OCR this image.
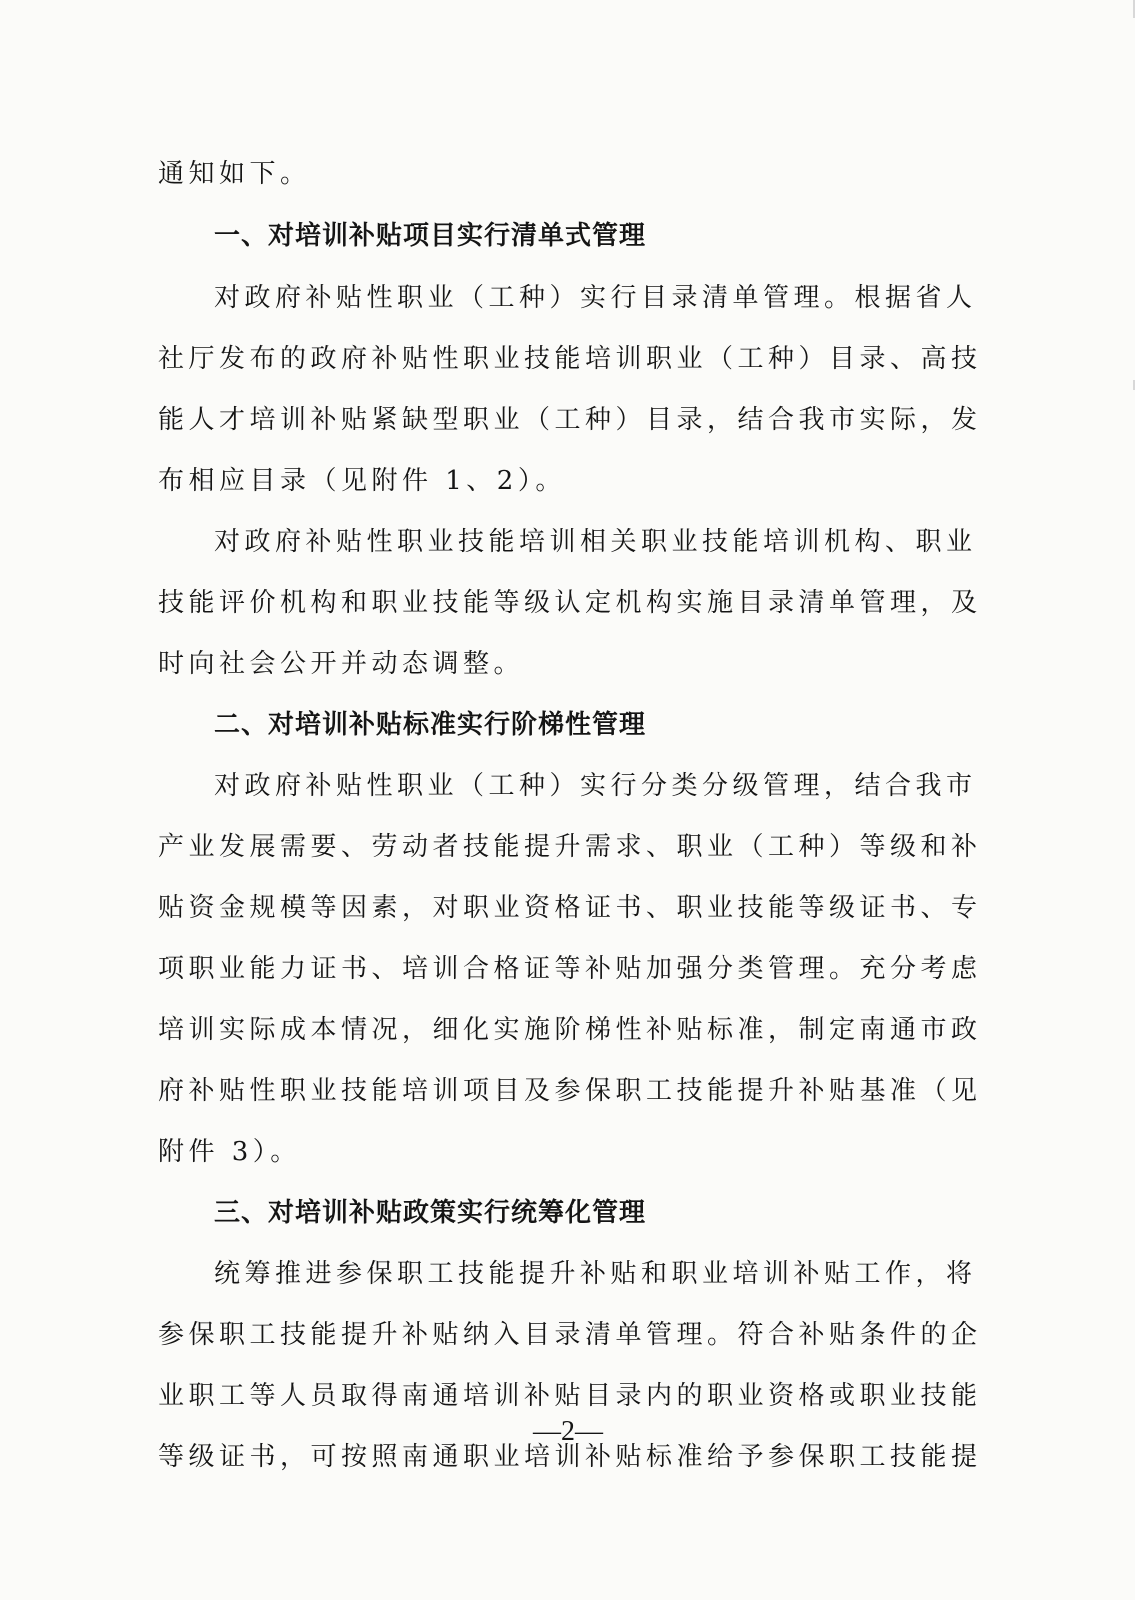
通知如下。
一、对培训补贴项目实行清单式管理
对政府补贴性职业（工种）实行目录清单管理。根据省人
社厅发布的政府补贴性职业技能培训职业（工种）目录、高技
能人才培训补贴紧缺型职业（工种）目录，结合我市实际，发
布相应目录（见附件 1、2）。
对政府补贴性职业技能培训相关职业技能培训机构、职业
技能评价机构和职业技能等级认定机构实施目录清单管理，及
时向社会公开并动态调整。
二、对培训补贴标准实行阶梯性管理
对政府补贴性职业（工种）实行分类分级管理，结合我市
产业发展需要、劳动者技能提升需求、职业（工种）等级和补
贴资金规模等因素，对职业资格证书、职业技能等级证书、专
项职业能力证书、培训合格证等补贴加强分类管理。充分考虑
培训实际成本情况，细化实施阶梯性补贴标准，制定南通市政
府补贴性职业技能培训项目及参保职工技能提升补贴基准（见
附件 3）。
三、对培训补贴政策实行统筹化管理
统筹推进参保职工技能提升补贴和职业培训补贴工作，将
参保职工技能提升补贴纳入目录清单管理。符合补贴条件的企
业职工等人员取得南通培训补贴目录内的职业资格或职业技能
等级证书，可按照南通职业培训补贴标准给予参保职工技能提
—2—
